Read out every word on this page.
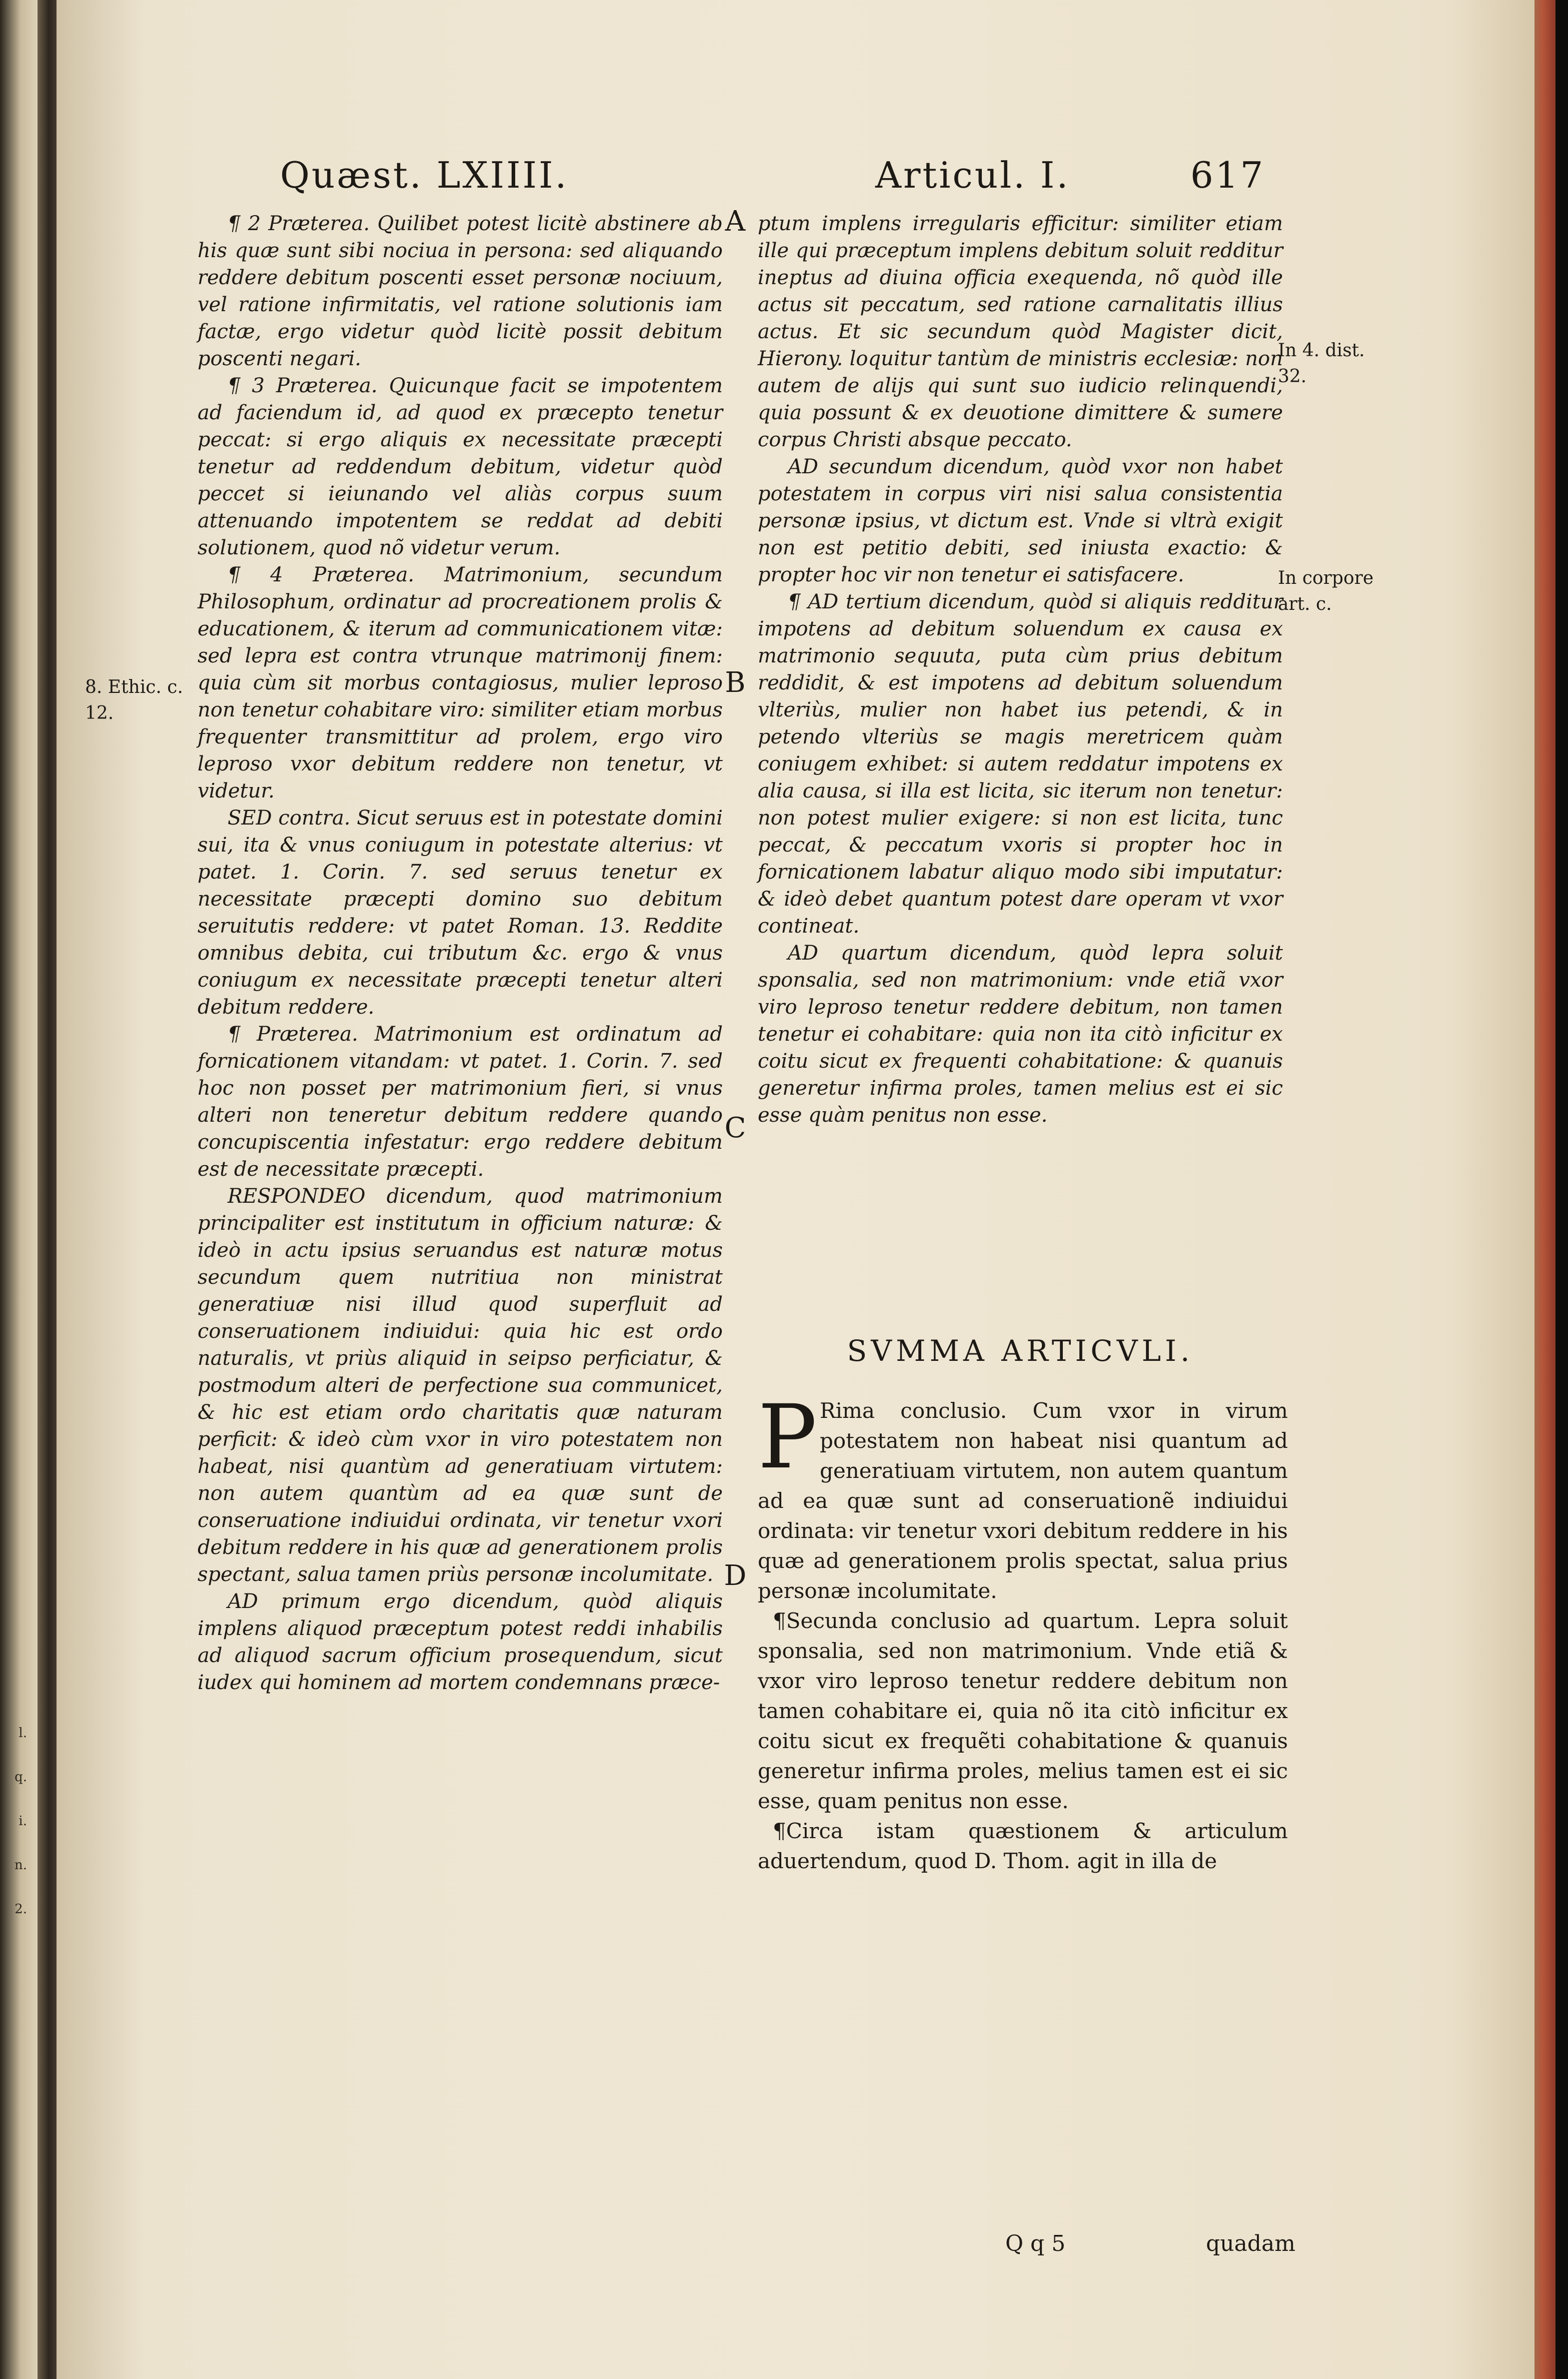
l.
q.
i.
n.
2.
Quæst. LXIIII.	Articul. I.	617
A
B
C
D
8. Ethic. c.
12.
In 4. dist.
32.
In corpore
art. c.

¶ 2 Præterea. Quilibet potest licitè abstinere ab his quæ sunt sibi nociua in persona: sed aliquando reddere debitum poscenti esset personæ nociuum, vel ratione infirmitatis, vel ratione solutionis iam factæ, ergo videtur quòd licitè possit debitum poscenti negari.

¶ 3 Præterea. Quicunque facit se impotentem ad faciendum id, ad quod ex præcepto tenetur peccat: si ergo aliquis ex necessitate præcepti tenetur ad reddendum debitum, videtur quòd peccet si ieiunando vel aliàs corpus suum attenuando impotentem se reddat ad debiti solutionem, quod nõ videtur verum.

¶ 4 Præterea. Matrimonium, secundum Philosophum, ordinatur ad procreationem prolis & educationem, & iterum ad communicationem vitæ: sed lepra est contra vtrunque matrimonij finem: quia cùm sit morbus contagiosus, mulier leproso non tenetur cohabitare viro: similiter etiam morbus frequenter transmittitur ad prolem, ergo viro leproso vxor debitum reddere non tenetur, vt videtur.

SED contra. Sicut seruus est in potestate domini sui, ita & vnus coniugum in potestate alterius: vt patet. 1. Corin. 7. sed seruus tenetur ex necessitate præcepti domino suo debitum seruitutis reddere: vt patet Roman. 13. Reddite omnibus debita, cui tributum &c. ergo & vnus coniugum ex necessitate præcepti tenetur alteri debitum reddere.

¶ Præterea. Matrimonium est ordinatum ad fornicationem vitandam: vt patet. 1. Corin. 7. sed hoc non posset per matrimonium fieri, si vnus alteri non teneretur debitum reddere quando concupiscentia infestatur: ergo reddere debitum est de necessitate præcepti.

RESPONDEO dicendum, quod matrimonium principaliter est institutum in officium naturæ: & ideò in actu ipsius seruandus est naturæ motus secundum quem nutritiua non ministrat generatiuæ nisi illud quod superfluit ad conseruationem indiuidui: quia hic est ordo naturalis, vt priùs aliquid in seipso perficiatur, & postmodum alteri de perfectione sua communicet, & hic est etiam ordo charitatis quæ naturam perficit: & ideò cùm vxor in viro potestatem non habeat, nisi quantùm ad generatiuam virtutem: non autem quantùm ad ea quæ sunt de conseruatione indiuidui ordinata, vir tenetur vxori debitum reddere in his quæ ad generationem prolis spectant, salua tamen priùs personæ incolumitate.

AD primum ergo dicendum, quòd aliquis implens aliquod præceptum potest reddi inhabilis ad aliquod sacrum officium prosequendum, sicut iudex qui hominem ad mortem condemnans præce-

ptum implens irregularis efficitur: similiter etiam ille qui præceptum implens debitum soluit redditur ineptus ad diuina officia exequenda, nõ quòd ille actus sit peccatum, sed ratione carnalitatis illius actus. Et sic secundum quòd Magister dicit, Hierony. loquitur tantùm de ministris ecclesiæ: non autem de alijs qui sunt suo iudicio relinquendi, quia possunt & ex deuotione dimittere & sumere corpus Christi absque peccato.

AD secundum dicendum, quòd vxor non habet potestatem in corpus viri nisi salua consistentia personæ ipsius, vt dictum est. Vnde si vltrà exigit non est petitio debiti, sed iniusta exactio: & propter hoc vir non tenetur ei satisfacere.

¶ AD tertium dicendum, quòd si aliquis redditur impotens ad debitum soluendum ex causa ex matrimonio sequuta, puta cùm prius debitum reddidit, & est impotens ad debitum soluendum vlteriùs, mulier non habet ius petendi, & in petendo vlteriùs se magis meretricem quàm coniugem exhibet: si autem reddatur impotens ex alia causa, si illa est licita, sic iterum non tenetur: non potest mulier exigere: si non est licita, tunc peccat, & peccatum vxoris si propter hoc in fornicationem labatur aliquo modo sibi imputatur: & ideò debet quantum potest dare operam vt vxor contineat.

AD quartum dicendum, quòd lepra soluit sponsalia, sed non matrimonium: vnde etiã vxor viro leproso tenetur reddere debitum, non tamen tenetur ei cohabitare: quia non ita citò inficitur ex coitu sicut ex frequenti cohabitatione: & quanuis generetur infirma proles, tamen melius est ei sic esse quàm penitus non esse.

SVMMA ARTICVLI.

P Rima conclusio. Cum vxor in virum potestatem non habeat nisi quantum ad generatiuam virtutem, non autem quantum ad ea quæ sunt ad conseruationẽ indiuidui ordinata: vir tenetur vxori debitum reddere in his quæ ad generationem prolis spectat, salua prius personæ incolumitate.

¶Secunda conclusio ad quartum. Lepra soluit sponsalia, sed non matrimonium. Vnde etiã & vxor viro leproso tenetur reddere debitum non tamen cohabitare ei, quia nõ ita citò inficitur ex coitu sicut ex frequẽti cohabitatione & quanuis generetur infirma proles, melius tamen est ei sic esse, quam penitus non esse.

¶Circa istam quæstionem & articulum aduertendum, quod D. Thom. agit in illa de

Q q 5	quadam
